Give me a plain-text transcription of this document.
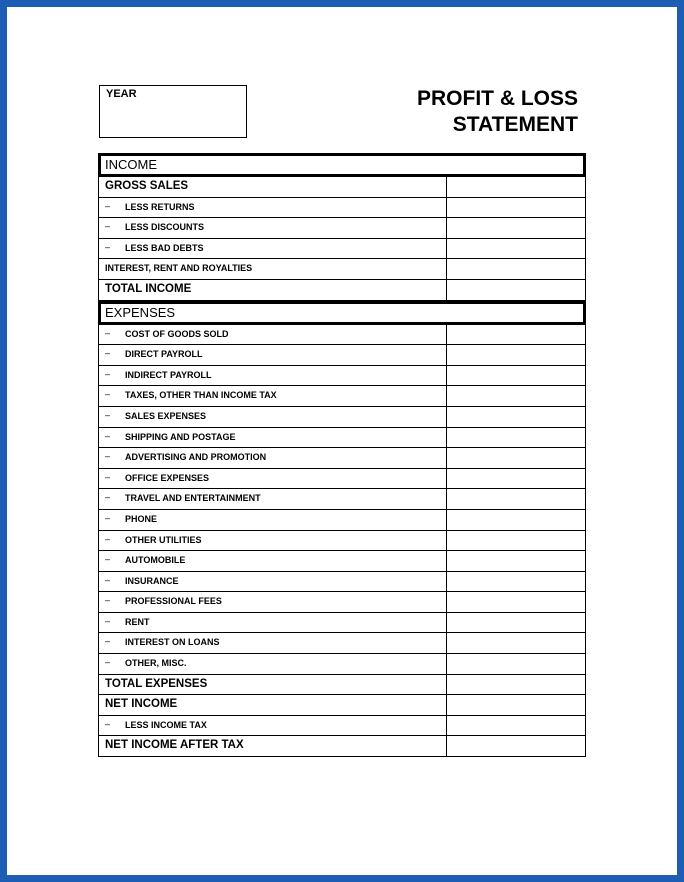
YEAR	PROFIT & LOSS
STATEMENT
INCOME
GROSS SALES
– LESS RETURNS
– LESS DISCOUNTS
– LESS BAD DEBTS
INTEREST, RENT AND ROYALTIES
TOTAL INCOME
EXPENSES
– COST OF GOODS SOLD
– DIRECT PAYROLL
– INDIRECT PAYROLL
– TAXES, OTHER THAN INCOME TAX
– SALES EXPENSES
– SHIPPING AND POSTAGE
– ADVERTISING AND PROMOTION
– OFFICE EXPENSES
– TRAVEL AND ENTERTAINMENT
– PHONE
– OTHER UTILITIES
– AUTOMOBILE
– INSURANCE
– PROFESSIONAL FEES
– RENT
– INTEREST ON LOANS
– OTHER, MISC.
TOTAL EXPENSES
NET INCOME
– LESS INCOME TAX
NET INCOME AFTER TAX
